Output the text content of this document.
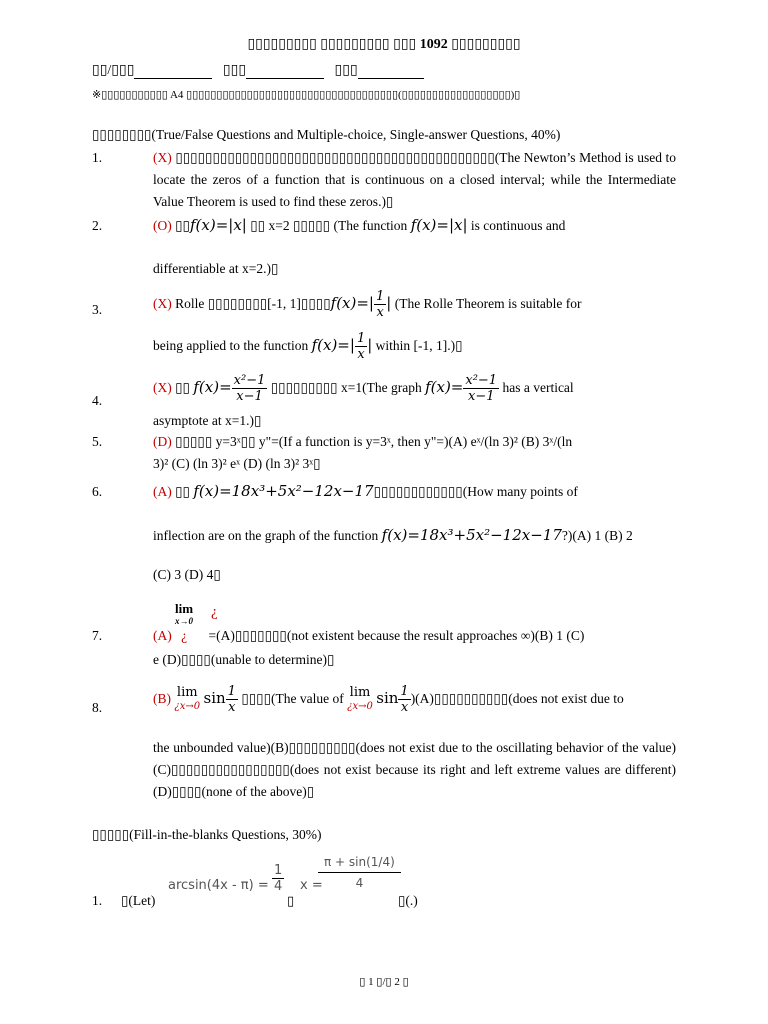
▯▯▯▯▯▯▯▯▯ ▯▯▯▯▯▯▯▯▯ ▯▯▯ 1092 ▯▯▯▯▯▯▯▯▯
▯▯/▯▯▯	▯▯▯	▯▯▯
※▯▯▯▯▯▯▯▯▯▯▯ A4 ▯▯▯▯▯▯▯▯▯▯▯▯▯▯▯▯▯▯▯▯▯▯▯▯▯▯▯▯▯▯▯▯▯▯▯(▯▯▯▯▯▯▯▯▯▯▯▯▯▯▯▯▯▯)▯
▯▯▯▯▯▯▯▯(True/False Questions and Multiple-choice, Single-answer Questions, 40%)
1.	(X) ▯▯▯▯▯▯▯▯▯▯▯▯▯▯▯▯▯▯▯▯▯▯▯▯▯▯▯▯▯▯▯▯▯▯▯▯▯▯▯▯▯▯▯(The Newton’s Method is used to locate the zeros of a function that is continuous on a closed interval; while the Intermediate Value Theorem is used to find these zeros.)▯
2.	(O) ▯▯f(x)=|x| ▯▯ x=2 ▯▯▯▯▯ (The function f(x)=|x| is continuous and
differentiable at x=2.)▯
3.	(X) Rolle ▯▯▯▯▯▯▯▯[-1, 1]▯▯▯▯f(x)=| $\frac{1}{x}$ | (The Rolle Theorem is suitable for
being applied to the function $f(x)=| \frac{1}{x}$ | within [-1, 1].)▯
4.
(X) ▯▯ $f(x)= \frac{\text{x²−1}}{x-1}$ ▯▯▯▯▯▯▯▯▯ x=1(The graph $f(x)= \frac{\text{x²−1}}{x-1}$ has a vertical
asymptote at x=1.)▯
5.	(D) ▯▯▯▯▯ y=3ˣ▯▯ y"=(If a function is y=3ˣ, then y"=)(A) eˣ/(ln 3)² (B) 3ˣ/(ln
3)² (C) (ln 3)² eˣ (D) (ln 3)² 3ˣ▯
6.	(A) ▯▯ f(x)=18x³+5x²−12x−17▯▯▯▯▯▯▯▯▯▯▯▯(How many points of
inflection are on the graph of the function f(x)=18x³+5x²−12x−17?)(A) 1 (B) 2
(C) 3 (D) 4▯
7.
lim
x→0
¿
(A) ¿ =(A)▯▯▯▯▯▯▯(not existent because the result approaches ∞)(B) 1 (C)
e (D)▯▯▯▯(unable to determine)▯
8.
(B) lim
¿x→0 $\sin \frac{1}{x}$ ▯▯▯▯(The value of lim
¿x→0 $\sin \frac{1}{x}$ )(A)▯▯▯▯▯▯▯▯▯▯(does not exist due to
the unbounded value)(B)▯▯▯▯▯▯▯▯▯(does not exist due to the oscillating behavior of the value)(C)▯▯▯▯▯▯▯▯▯▯▯▯▯▯▯▯(does not exist because its right and left extreme values are different)(D)▯▯▯▯(none of the above)▯
▯▯▯▯▯(Fill-in-the-blanks Questions, 30%)
1. ▯(Let)
$\arcsin(4x - \pi) = \frac{1}{4}$
▯
x =
$\frac{\pi + \sin(1/4)}{4}$
▯(.)
▯ 1 ▯/▯ 2 ▯
